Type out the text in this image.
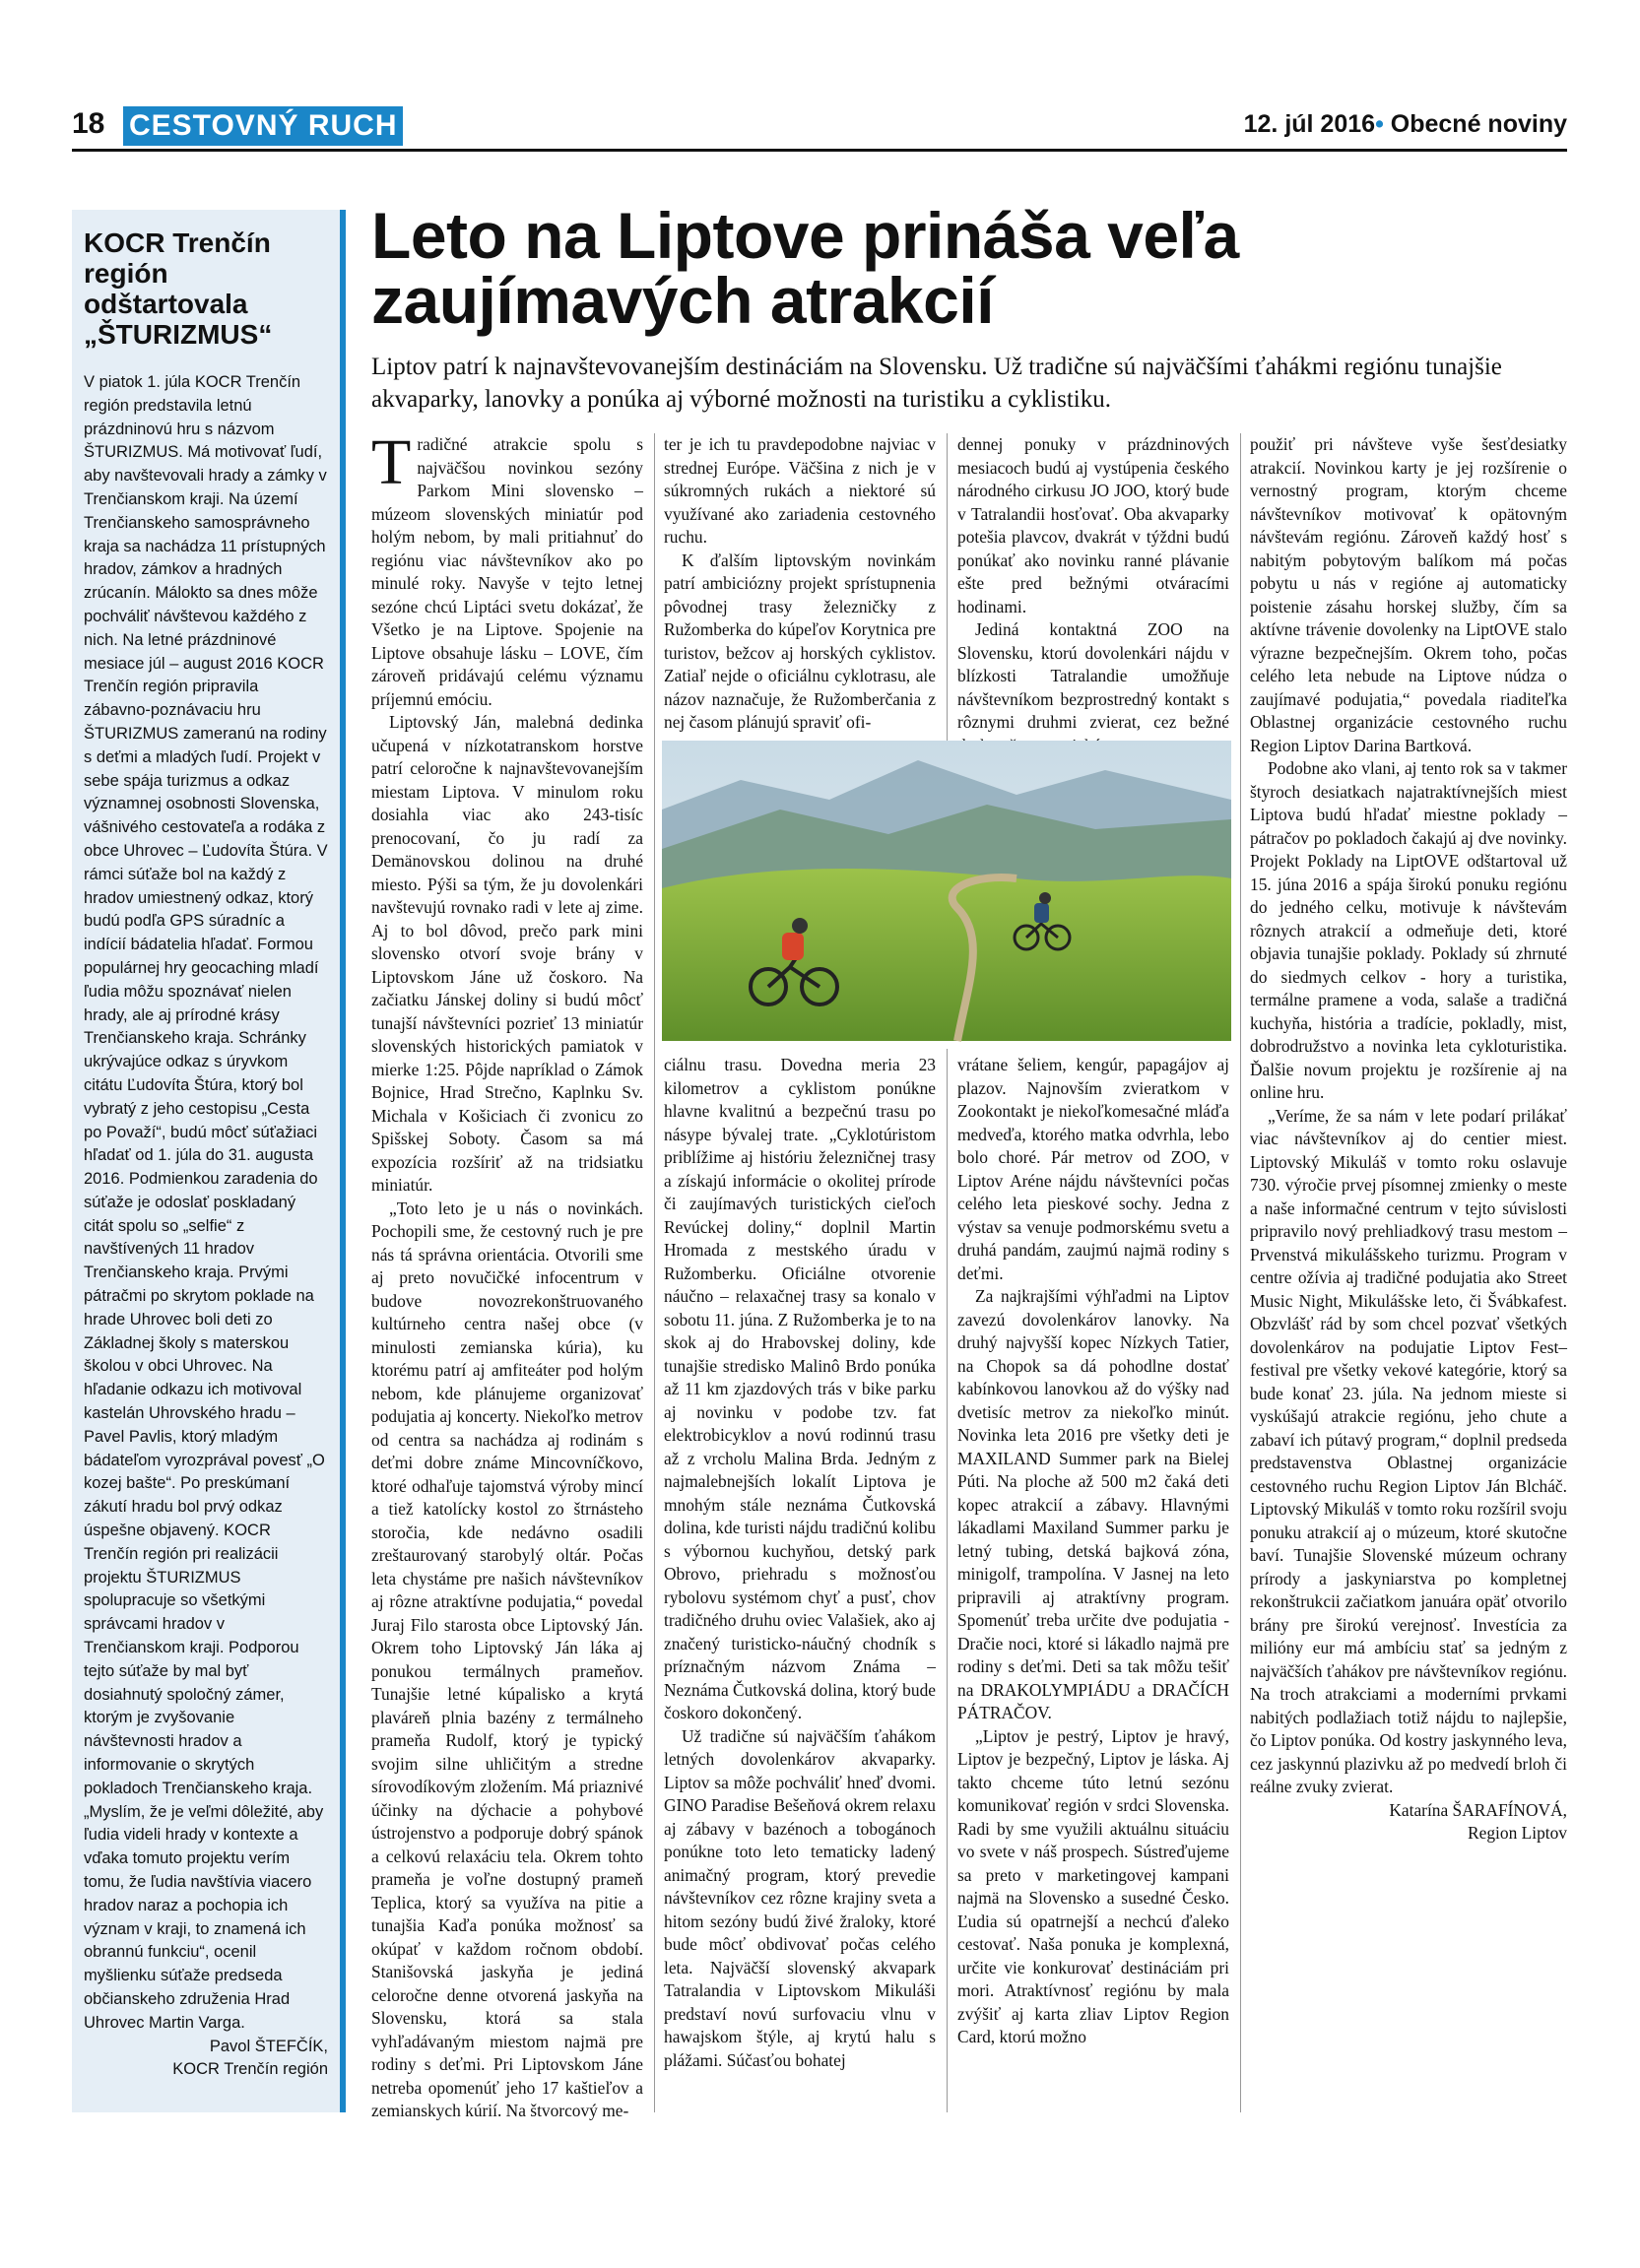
18 CESTOVNÝ RUCH	12. júl 2016• Obecné noviny
KOCR Trenčín región odštartovala „ŠTURIZMUS“

V piatok 1. júla KOCR Trenčín región predstavila letnú prázdninovú hru s názvom ŠTURIZMUS. Má motivovať ľudí, aby navštevovali hrady a zámky v Trenčianskom kraji. Na území Trenčianskeho samosprávneho kraja sa nachádza 11 prístupných hradov, zámkov a hradných zrúcanín. Málokto sa dnes môže pochváliť návštevou každého z nich. Na letné prázdninové mesiace júl – august 2016 KOCR Trenčín región pripravila zábavno-poznávaciu hru ŠTURIZMUS zameranú na rodiny s deťmi a mladých ľudí. Projekt v sebe spája turizmus a odkaz významnej osobnosti Slovenska, vášnivého cestovateľa a rodáka z obce Uhrovec – Ľudovíta Štúra. V rámci súťaže bol na každý z hradov umiestnený odkaz, ktorý budú podľa GPS súradníc a indícií bádatelia hľadať. Formou populárnej hry geocaching mladí ľudia môžu spoznávať nielen hrady, ale aj prírodné krásy Trenčianskeho kraja. Schránky ukrývajúce odkaz s úryvkom citátu Ľudovíta Štúra, ktorý bol vybratý z jeho cestopisu „Cesta po Považí“, budú môcť súťažiaci hľadať od 1. júla do 31. augusta 2016. Podmienkou zaradenia do súťaže je odoslať poskladaný citát spolu so „selfie“ z navštívených 11 hradov Trenčianskeho kraja. Prvými pátračmi po skrytom poklade na hrade Uhrovec boli deti zo Základnej školy s materskou školou v obci Uhrovec. Na hľadanie odkazu ich motivoval kastelán Uhrovského hradu – Pavel Pavlis, ktorý mladým bádateľom vyrozprával povesť „O kozej bašte“. Po preskúmaní zákutí hradu bol prvý odkaz úspešne objavený. KOCR Trenčín región pri realizácii projektu ŠTURIZMUS spolupracuje so všetkými správcami hradov v Trenčianskom kraji. Podporou tejto súťaže by mal byť dosiahnutý spoločný zámer, ktorým je zvyšovanie návštevnosti hradov a informovanie o skrytých pokladoch Trenčianskeho kraja. „Myslím, že je veľmi dôležité, aby ľudia videli hrady v kontexte a vďaka tomuto projektu verím tomu, že ľudia navštívia viacero hradov naraz a pochopia ich význam v kraji, to znamená ich obrannú funkciu“, ocenil myšlienku súťaže predseda občianskeho združenia Hrad Uhrovec Martin Varga.

Pavol ŠTEFČÍK,
KOCR Trenčín región
Leto na Liptove prináša veľa zaujímavých atrakcií
Liptov patrí k najnavštevovanejším destináciám na Slovensku. Už tradične sú najväčšími ťahákmi regiónu tunajšie akvaparky, lanovky a ponúka aj výborné možnosti na turistiku a cyklistiku.

Tradičné atrakcie spolu s najväčšou novinkou sezóny Parkom Mini slovensko – múzeom slovenských miniatúr pod holým nebom, by mali pritiahnuť do regiónu viac návštevníkov ako po minulé roky. Navyše v tejto letnej sezóne chcú Liptáci svetu dokázať, že Všetko je na Liptove. Spojenie na Liptove obsahuje lásku – LOVE, čím zároveň pridávajú celému významu príjemnú emóciu.

Liptovský Ján, malebná dedinka učupená v nízkotatranskom horstve patrí celoročne k najnavštevovanejším miestam Liptova. V minulom roku dosiahla viac ako 243-tisíc prenocovaní, čo ju radí za Demänovskou dolinou na druhé miesto. Pýši sa tým, že ju dovolenkári navštevujú rovnako radi v lete aj zime. Aj to bol dôvod, prečo park mini slovensko otvorí svoje brány v Liptovskom Jáne už čoskoro. Na začiatku Jánskej doliny si budú môcť tunajší návštevníci pozrieť 13 miniatúr slovenských historických pamiatok v mierke 1:25. Pôjde napríklad o Zámok Bojnice, Hrad Strečno, Kaplnku Sv. Michala v Košiciach či zvonicu zo Spišskej Soboty. Časom sa má expozícia rozšíriť až na tridsiatku miniatúr.

„Toto leto je u nás o novinkách. Pochopili sme, že cestovný ruch je pre nás tá správna orientácia. Otvorili sme aj preto novučičké infocentrum v budove novozrekonštruovaného kultúrneho centra našej obce (v minulosti zemianska kúria), ku ktorému patrí aj amfiteáter pod holým nebom, kde plánujeme organizovať podujatia aj koncerty. Niekoľko metrov od centra sa nachádza aj rodinám s deťmi dobre známe Mincovníčkovo, ktoré odhaľuje tajomstvá výroby mincí a tiež katolícky kostol zo štrnásteho storočia, kde nedávno osadili zreštaurovaný starobylý oltár. Počas leta chystáme pre našich návštevníkov aj rôzne atraktívne podujatia,“ povedal Juraj Filo starosta obce Liptovský Ján. Okrem toho Liptovský Ján láka aj ponukou termálnych prameňov. Tunajšie letné kúpalisko a krytá plaváreň plnia bazény z termálneho prameňa Rudolf, ktorý je typický svojim silne uhličitým a stredne sírovodíkovým zložením. Má priaznivé účinky na dýchacie a pohybové ústrojenstvo a podporuje dobrý spánok a celkovú relaxáciu tela. Okrem tohto prameňa je voľne dostupný prameň Teplica, ktorý sa využíva na pitie a tunajšia Kaďa ponúka možnosť sa okúpať v každom ročnom období. Stanišovská jaskyňa je jediná celoročne denne otvorená jaskyňa na Slovensku, ktorá sa stala vyhľadávaným miestom najmä pre rodiny s deťmi. Pri Liptovskom Jáne netreba opomenúť jeho 17 kaštieľov a zemianskych kúrií. Na štvorcový me-

ter je ich tu pravdepodobne najviac v strednej Európe. Väčšina z nich je v súkromných rukách a niektoré sú využívané ako zariadenia cestovného ruchu.

K ďalším liptovským novinkám patrí ambiciózny projekt sprístupnenia pôvodnej trasy železničky z Ružomberka do kúpeľov Korytnica pre turistov, bežcov aj horských cyklistov. Zatiaľ nejde o oficiálnu cyklotrasu, ale názov naznačuje, že Ružomberčania z nej časom plánujú spraviť ofi-

dennej ponuky v prázdninových mesiacoch budú aj vystúpenia českého národného cirkusu JO JOO, ktorý bude v Tatralandii hosťovať. Oba akvaparky potešia plavcov, dvakrát v týždni budú ponúkať ako novinku ranné plávanie ešte pred bežnými otváracími hodinami.

Jediná kontaktná ZOO na Slovensku, ktorú dovolenkári nájdu v blízkosti Tatralandie umožňuje návštevníkom bezprostredný kontakt s rôznymi druhmi zvierat, cez bežné

ciálnu trasu. Dovedna meria 23 kilometrov a cyklistom ponúkne hlavne kvalitnú a bezpečnú trasu po násype bývalej trate. „Cyklotúristom priblížime aj históriu železničnej trasy a získajú informácie o okolitej prírode či zaujímavých turistických cieľoch Revúckej doliny,“ doplnil Martin Hromada z mestského úradu v Ružomberku. Oficiálne otvorenie náučno – relaxačnej trasy sa konalo v sobotu 11. júna. Z Ružomberka je to na skok aj do Hrabovskej doliny, kde tunajšie stredisko Malinô Brdo ponúka až 11 km zjazdových trás v bike parku aj novinku v podobe tzv. fat elektrobicyklov a novú rodinnú trasu až z vrcholu Malina Brda. Jedným z najmalebnejších lokalít Liptova je mnohým stále neznáma Čutkovská dolina, kde turisti nájdu tradičnú kolibu s výbornou kuchyňou, detský park Obrovo, priehradu s možnosťou rybolovu systémom chyť a pusť, chov tradičného druhu oviec Valašiek, ako aj značený turisticko-náučný chodník s príznačným názvom Známa – Neznáma Čutkovská dolina, ktorý bude čoskoro dokončený.

Už tradične sú najväčším ťahákom letných dovolenkárov akvaparky. Liptov sa môže pochváliť hneď dvomi. GINO Paradise Bešeňová okrem relaxu aj zábavy v bazénoch a tobogánoch ponúkne toto leto tematicky ladený animačný program, ktorý prevedie návštevníkov cez rôzne krajiny sveta a hitom sezóny budú živé žraloky, ktoré bude môcť obdivovať počas celého leta. Najväčší slovenský akvapark Tatralandia v Liptovskom Mikuláši predstaví novú surfovaciu vlnu v hawajskom štýle, aj krytú halu s plážami. Súčasťou bohatej

vrátane šeliem, kengúr, papagájov aj plazov. Najnovším zvieratkom v Zookontakt je niekoľkomesačné mláďa medveďa, ktorého matka odvrhla, lebo bolo choré. Pár metrov od ZOO, v Liptov Aréne nájdu návštevníci počas celého leta pieskové sochy. Jedna z výstav sa venuje podmorskému svetu a druhá pandám, zaujmú najmä rodiny s deťmi.

Za najkrajšími výhľadmi na Liptov zavezú dovolenkárov lanovky. Na druhý najvyšší kopec Nízkych Tatier, na Chopok sa dá pohodlne dostať kabínkovou lanovkou až do výšky nad dvetisíc metrov za niekoľko minút. Novinka leta 2016 pre všetky deti je MAXILAND Summer park na Bielej Púti. Na ploche až 500 m2 čaká deti kopec atrakcií a zábavy. Hlavnými lákadlami Maxiland Summer parku je letný tubing, detská bajková zóna, minigolf, trampolína. V Jasnej na leto pripravili aj atraktívny program. Spomenúť treba určite dve podujatia - Dračie noci, ktoré si lákadlo najmä pre rodiny s deťmi. Deti sa tak môžu tešiť na DRAKOLYMPIÁDU a DRAČÍCH PÁTRAČOV.

„Liptov je pestrý, Liptov je hravý, Liptov je bezpečný, Liptov je láska. Aj takto chceme túto letnú sezónu komunikovať región v srdci Slovenska. Radi by sme využili aktuálnu situáciu vo svete v náš prospech. Sústreďujeme sa preto v marketingovej kampani najmä na Slovensko a susedné Česko. Ľudia sú opatrnejší a nechcú ďaleko cestovať. Naša ponuka je komplexná, určite vie konkurovať destináciám pri mori. Atraktívnosť regiónu by mala zvýšiť aj karta zliav Liptov Region Card, ktorú možno

použiť pri návšteve vyše šesťdesiatky atrakcií. Novinkou karty je jej rozšírenie o vernostný program, ktorým chceme návštevníkov motivovať k opätovným návštevám regiónu. Zároveň každý hosť s nabitým pobytovým balíkom má počas pobytu u nás v regióne aj automaticky poistenie zásahu horskej služby, čím sa aktívne trávenie dovolenky na LiptOVE stalo výrazne bezpečnejším. Okrem toho, počas celého leta nebude na Liptove núdza o zaujímavé podujatia,“ povedala riaditeľka Oblastnej organizácie cestovného ruchu Region Liptov Darina Bartková.

Podobne ako vlani, aj tento rok sa v takmer štyroch desiatkach najatraktívnejších miest Liptova budú hľadať miestne poklady – pátračov po pokladoch čakajú aj dve novinky. Projekt Poklady na LiptOVE odštartoval už 15. júna 2016 a spája širokú ponuku regiónu do jedného celku, motivuje k návštevám rôznych atrakcií a odmeňuje deti, ktoré objavia tunajšie poklady. Poklady sú zhrnuté do siedmych celkov - hory a turistika, termálne pramene a voda, salaše a tradičná kuchyňa, história a tradície, pokladly, mist, dobrodružstvo a novinka leta cykloturistika. Ďalšie novum projektu je rozšírenie aj na online hru.

„Veríme, že sa nám v lete podarí prilákať viac návštevníkov aj do centier miest. Liptovský Mikuláš v tomto roku oslavuje 730. výročie prvej písomnej zmienky o meste a naše informačné centrum v tejto súvislosti pripravilo nový prehliadkový trasu mestom – Prvenstvá mikulášskeho turizmu. Program v centre ožívia aj tradičné podujatia ako Street Music Night, Mikulášske leto, či Švábkafest. Obzvlášť rád by som chcel pozvať všetkých dovolenkárov na podujatie Liptov Fest– festival pre všetky vekové kategórie, ktorý sa bude konať 23. júla. Na jednom mieste si vyskúšajú atrakcie regiónu, jeho chute a zabaví ich pútavý program,“ doplnil predseda predstavenstva Oblastnej organizácie cestovného ruchu Region Liptov Ján Blcháč. Liptovský Mikuláš v tomto roku rozšíril svoju ponuku atrakcií aj o múzeum, ktoré skutočne baví. Tunajšie Slovenské múzeum ochrany prírody a jaskyniarstva po kompletnej rekonštrukcii začiatkom januára opäť otvorilo brány pre širokú verejnosť. Investícia za milióny eur má ambíciu stať sa jedným z najväčších ťahákov pre návštevníkov regiónu. Na troch atrakciami a moderními prvkami nabitých podlažiach totiž nájdu to najlepšie, čo Liptov ponúka. Od kostry jaskynného leva, cez jaskynnú plazivku až po medvedí brloh či reálne zvuky zvierat.

Katarína ŠARAFÍNOVÁ,

Region Liptov
